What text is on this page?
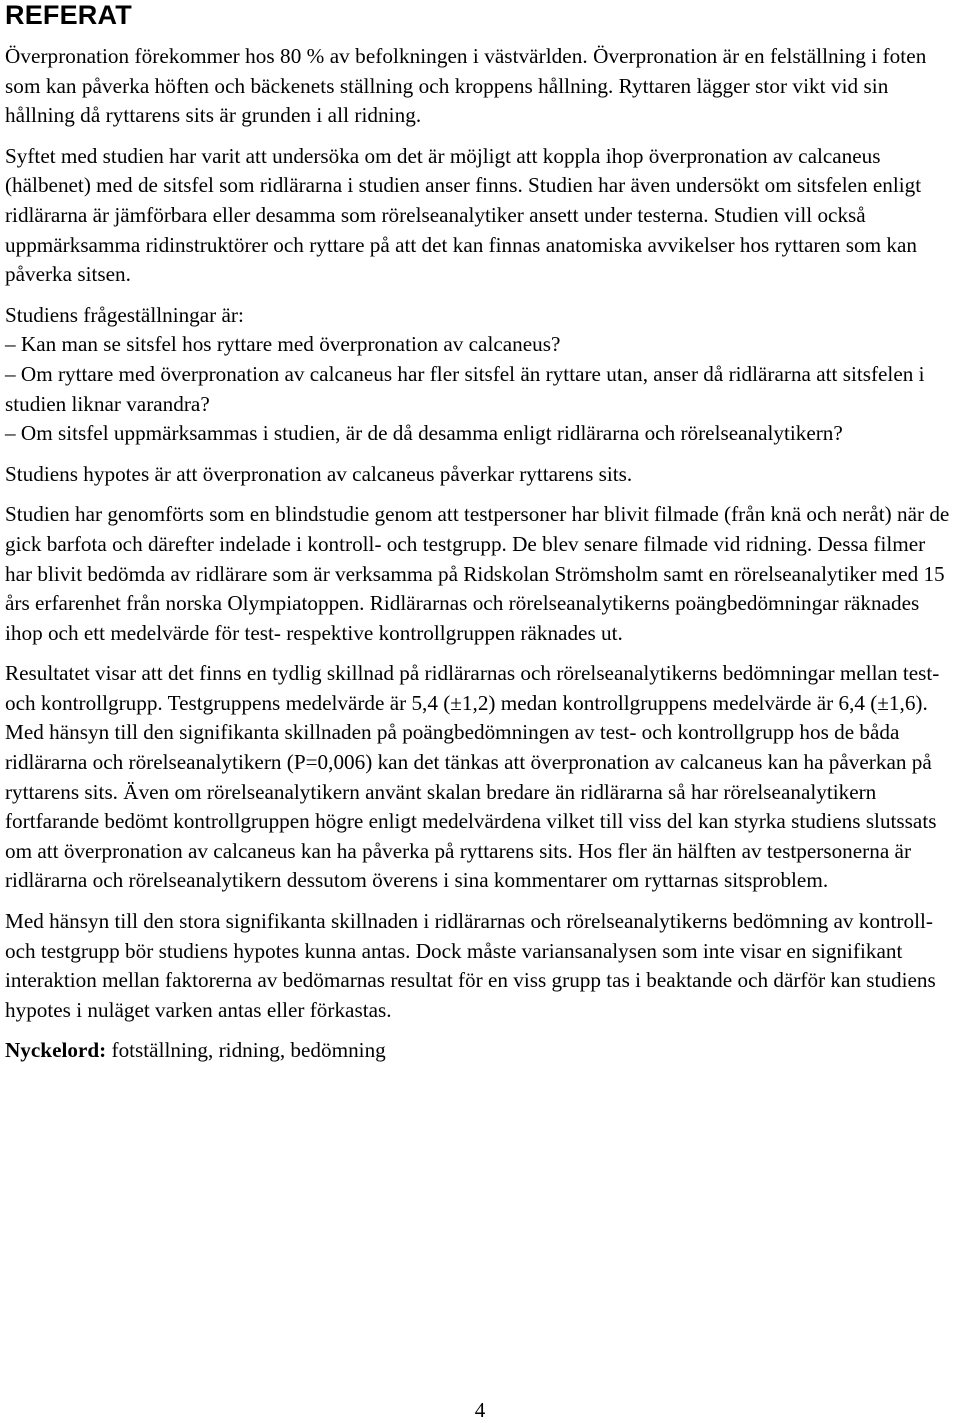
REFERAT

Överpronation förekommer hos 80 % av befolkningen i västvärlden. Överpronation är en felställning i foten som kan påverka höften och bäckenets ställning och kroppens hållning. Ryttaren lägger stor vikt vid sin hållning då ryttarens sits är grunden i all ridning.

Syftet med studien har varit att undersöka om det är möjligt att koppla ihop överpronation av calcaneus (hälbenet) med de sitsfel som ridlärarna i studien anser finns. Studien har även undersökt om sitsfelen enligt ridlärarna är jämförbara eller desamma som rörelseanalytiker ansett under testerna. Studien vill också uppmärksamma ridinstruktörer och ryttare på att det kan finnas anatomiska avvikelser hos ryttaren som kan påverka sitsen.

Studiens frågeställningar är:

– Kan man se sitsfel hos ryttare med överpronation av calcaneus?
– Om ryttare med överpronation av calcaneus har fler sitsfel än ryttare utan, anser då ridlärarna att sitsfelen i studien liknar varandra?
– Om sitsfel uppmärksammas i studien, är de då desamma enligt ridlärarna och rörelseanalytikern?

Studiens hypotes är att överpronation av calcaneus påverkar ryttarens sits.

Studien har genomförts som en blindstudie genom att testpersoner har blivit filmade (från knä och neråt) när de gick barfota och därefter indelade i kontroll- och testgrupp. De blev senare filmade vid ridning. Dessa filmer har blivit bedömda av ridlärare som är verksamma på Ridskolan Strömsholm samt en rörelseanalytiker med 15 års erfarenhet från norska Olympiatoppen. Ridlärarnas och rörelseanalytikerns poängbedömningar räknades ihop och ett medelvärde för test- respektive kontrollgruppen räknades ut.

Resultatet visar att det finns en tydlig skillnad på ridlärarnas och rörelseanalytikerns bedömningar mellan test- och kontrollgrupp. Testgruppens medelvärde är 5,4 (±1,2) medan kontrollgruppens medelvärde är 6,4 (±1,6). Med hänsyn till den signifikanta skillnaden på poängbedömningen av test- och kontrollgrupp hos de båda ridlärarna och rörelseanalytikern (P=0,006) kan det tänkas att överpronation av calcaneus kan ha påverkan på ryttarens sits. Även om rörelseanalytikern använt skalan bredare än ridlärarna så har rörelseanalytikern fortfarande bedömt kontrollgruppen högre enligt medelvärdena vilket till viss del kan styrka studiens slutssats om att överpronation av calcaneus kan ha påverka på ryttarens sits. Hos fler än hälften av testpersonerna är ridlärarna och rörelseanalytikern dessutom överens i sina kommentarer om ryttarnas sitsproblem.

Med hänsyn till den stora signifikanta skillnaden i ridlärarnas och rörelseanalytikerns bedömning av kontroll- och testgrupp bör studiens hypotes kunna antas. Dock måste variansanalysen som inte visar en signifikant interaktion mellan faktorerna av bedömarnas resultat för en viss grupp tas i beaktande och därför kan studiens hypotes i nuläget varken antas eller förkastas.

Nyckelord: fotställning, ridning, bedömning

4
